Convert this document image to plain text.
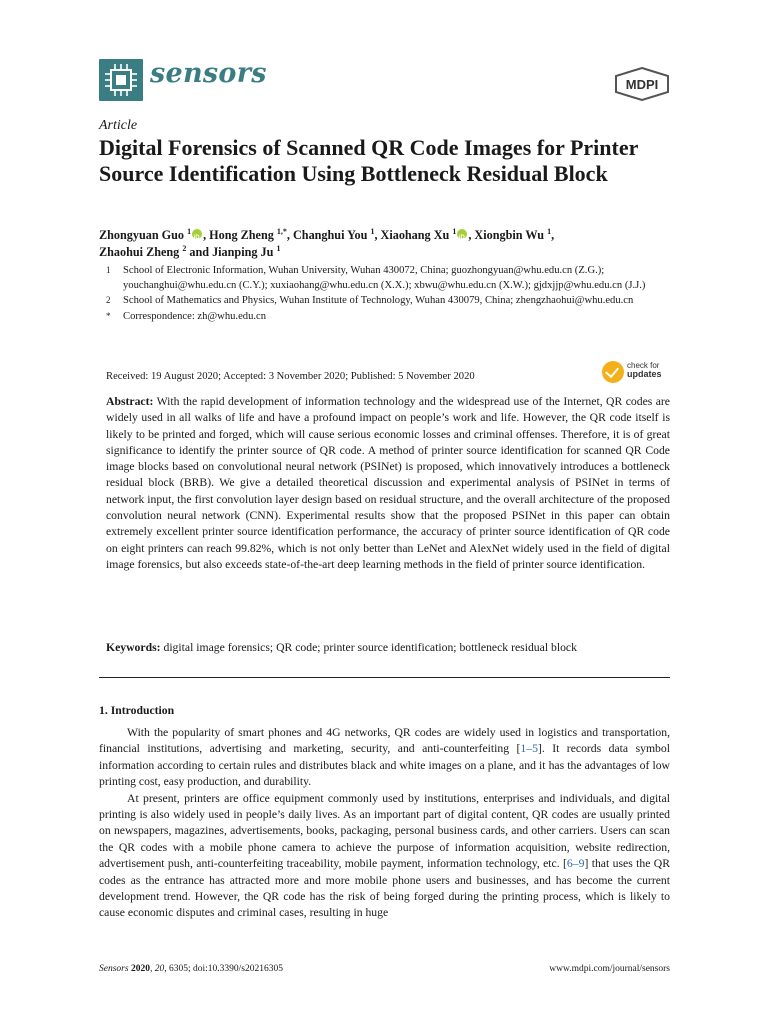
sensors	MDPI
Article
Digital Forensics of Scanned QR Code Images for Printer Source Identification Using Bottleneck Residual Block
Zhongyuan Guo $^1$ iD , Hong Zheng $^{1,*}$, Changhui You $^1$, Xiaohang Xu $^1$ iD , Xiongbin Wu $^1$,
Zhaohui Zheng $^2$ and Jianping Ju $^1$
1 School of Electronic Information, Wuhan University, Wuhan 430072, China; guozhongyuan@whu.edu.cn (Z.G.); youchanghui@whu.edu.cn (C.Y.); xuxiaohang@whu.edu.cn (X.X.); xbwu@whu.edu.cn (X.W.); gjdxjjp@whu.edu.cn (J.J.)
2 School of Mathematics and Physics, Wuhan Institute of Technology, Wuhan 430079, China; zhengzhaohui@whu.edu.cn
* Correspondence: zh@whu.edu.cn
Received: 19 August 2020; Accepted: 3 November 2020; Published: 5 November 2020
check for
updates
Abstract: With the rapid development of information technology and the widespread use of the Internet, QR codes are widely used in all walks of life and have a profound impact on people’s work and life. However, the QR code itself is likely to be printed and forged, which will cause serious economic losses and criminal offenses. Therefore, it is of great significance to identify the printer source of QR code. A method of printer source identification for scanned QR Code image blocks based on convolutional neural network (PSINet) is proposed, which innovatively introduces a bottleneck residual block (BRB). We give a detailed theoretical discussion and experimental analysis of PSINet in terms of network input, the first convolution layer design based on residual structure, and the overall architecture of the proposed convolution neural network (CNN). Experimental results show that the proposed PSINet in this paper can obtain extremely excellent printer source identification performance, the accuracy of printer source identification of QR code on eight printers can reach 99.82%, which is not only better than LeNet and AlexNet widely used in the field of digital image forensics, but also exceeds state-of-the-art deep learning methods in the field of printer source identification.
Keywords: digital image forensics; QR code; printer source identification; bottleneck residual block
1. Introduction

With the popularity of smart phones and 4G networks, QR codes are widely used in logistics and transportation, financial institutions, advertising and marketing, security, and anti-counterfeiting [1–5]. It records data symbol information according to certain rules and distributes black and white images on a plane, and it has the advantages of low printing cost, easy production, and durability.

At present, printers are office equipment commonly used by institutions, enterprises and individuals, and digital printing is also widely used in people’s daily lives. As an important part of digital content, QR codes are usually printed on newspapers, magazines, advertisements, books, packaging, personal business cards, and other carriers. Users can scan the QR codes with a mobile phone camera to achieve the purpose of information acquisition, website redirection, advertisement push, anti-counterfeiting traceability, mobile payment, information technology, etc. [6–9] that uses the QR codes as the entrance has attracted more and more mobile phone users and businesses, and has become the current development trend. However, the QR code has the risk of being forged during the printing process, which is likely to cause economic disputes and criminal cases, resulting in huge

Sensors 2020, 20, 6305; doi:10.3390/s20216305	www.mdpi.com/journal/sensors
